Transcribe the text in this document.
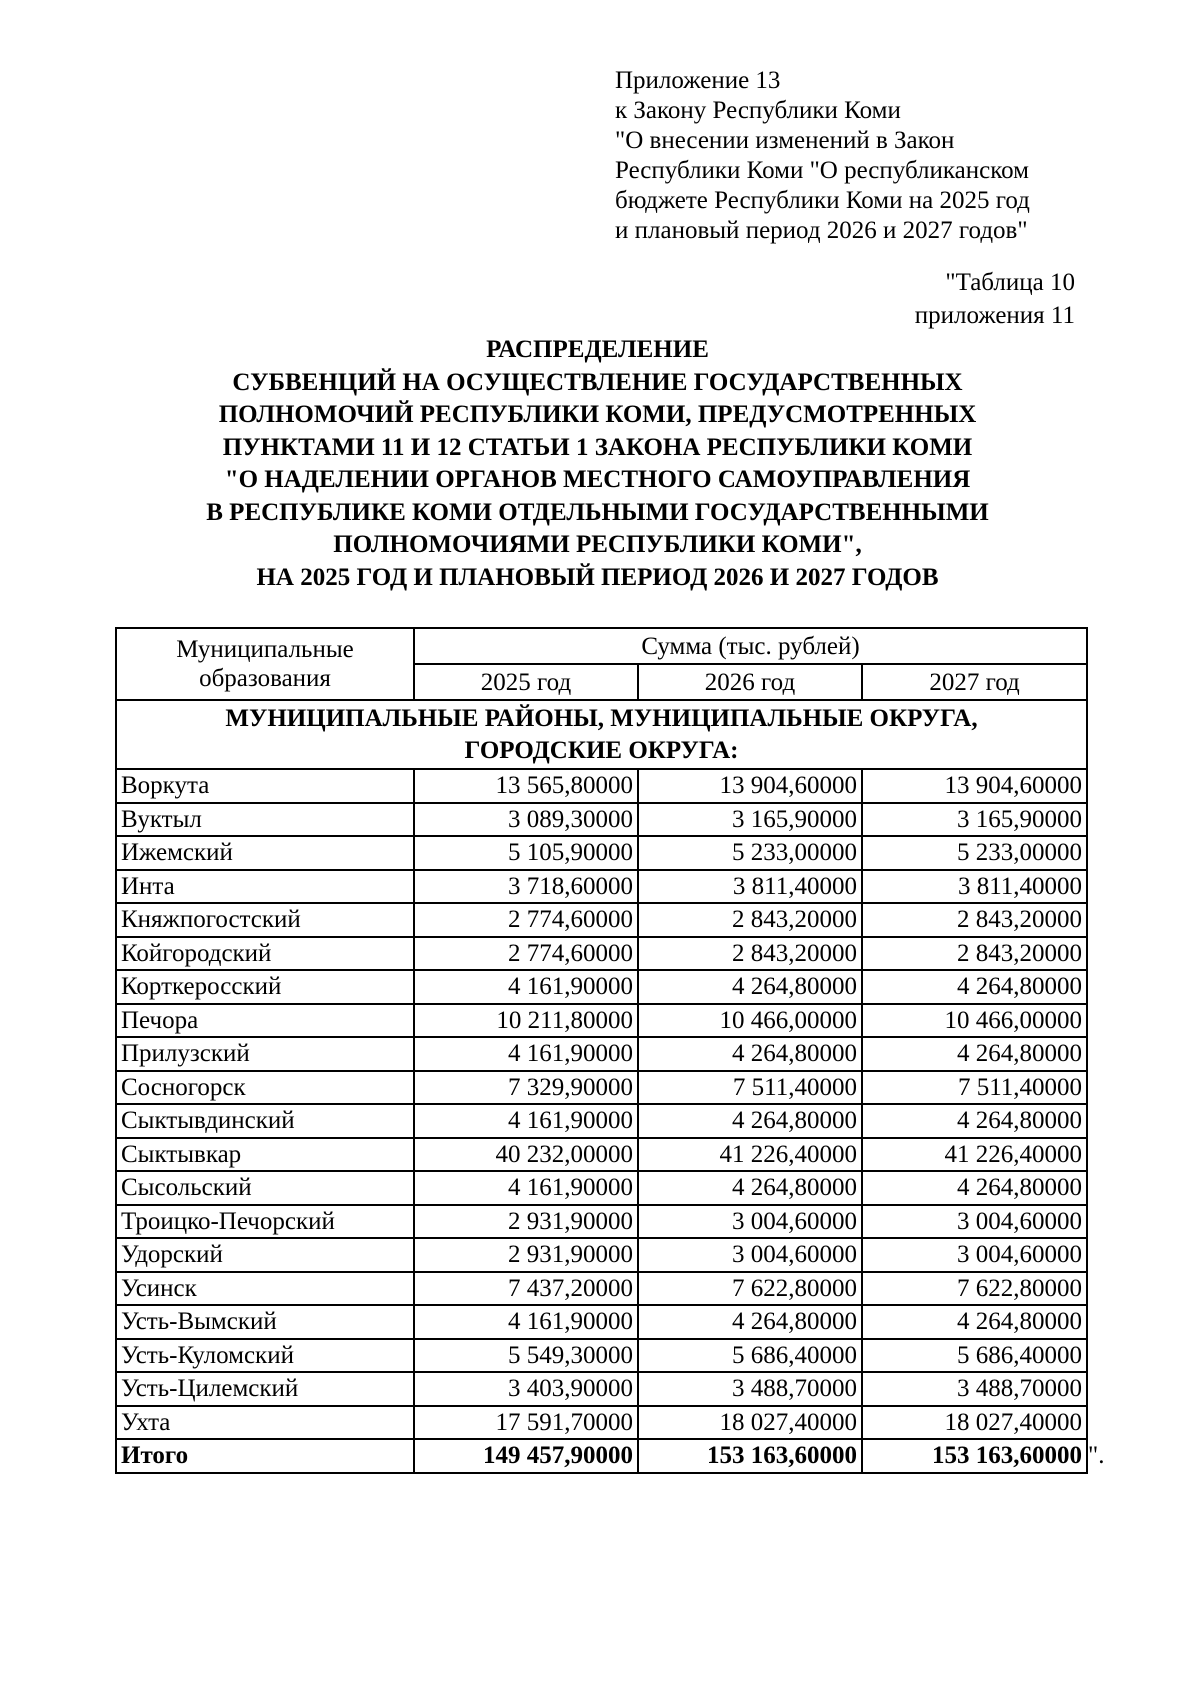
Приложение 13
к Закону Республики Коми
"О внесении изменений в Закон
Республики Коми "О республиканском
бюджете Республики Коми на 2025 год
и плановый период 2026 и 2027 годов"
"Таблица 10
приложения 11
РАСПРЕДЕЛЕНИЕ
СУБВЕНЦИЙ НА ОСУЩЕСТВЛЕНИЕ ГОСУДАРСТВЕННЫХ
ПОЛНОМОЧИЙ РЕСПУБЛИКИ КОМИ, ПРЕДУСМОТРЕННЫХ
ПУНКТАМИ 11 И 12 СТАТЬИ 1 ЗАКОНА РЕСПУБЛИКИ КОМИ
"О НАДЕЛЕНИИ ОРГАНОВ МЕСТНОГО САМОУПРАВЛЕНИЯ
В РЕСПУБЛИКЕ КОМИ ОТДЕЛЬНЫМИ ГОСУДАРСТВЕННЫМИ
ПОЛНОМОЧИЯМИ РЕСПУБЛИКИ КОМИ",
НА 2025 ГОД И ПЛАНОВЫЙ ПЕРИОД 2026 И 2027 ГОДОВ
Муниципальные
образования	Сумма (тыс. рублей)		
	2025 год	2026 год	2027 год

МУНИЦИПАЛЬНЫЕ РАЙОНЫ, МУНИЦИПАЛЬНЫЕ ОКРУГА,
ГОРОДСКИЕ ОКРУГА:			

Воркута	13 565,80000	13 904,60000	13 904,60000
Вуктыл	3 089,30000	3 165,90000	3 165,90000
Ижемский	5 105,90000	5 233,00000	5 233,00000
Инта	3 718,60000	3 811,40000	3 811,40000
Княжпогостский	2 774,60000	2 843,20000	2 843,20000
Койгородский	2 774,60000	2 843,20000	2 843,20000
Корткеросский	4 161,90000	4 264,80000	4 264,80000
Печора	10 211,80000	10 466,00000	10 466,00000
Прилузский	4 161,90000	4 264,80000	4 264,80000
Сосногорск	7 329,90000	7 511,40000	7 511,40000
Сыктывдинский	4 161,90000	4 264,80000	4 264,80000
Сыктывкар	40 232,00000	41 226,40000	41 226,40000
Сысольский	4 161,90000	4 264,80000	4 264,80000
Троицко-Печорский	2 931,90000	3 004,60000	3 004,60000
Удорский	2 931,90000	3 004,60000	3 004,60000
Усинск	7 437,20000	7 622,80000	7 622,80000
Усть-Вымский	4 161,90000	4 264,80000	4 264,80000
Усть-Куломский	5 549,30000	5 686,40000	5 686,40000
Усть-Цилемский	3 403,90000	3 488,70000	3 488,70000
Ухта	17 591,70000	18 027,40000	18 027,40000
Итого	149 457,90000	153 163,60000	153 163,60000 ".
